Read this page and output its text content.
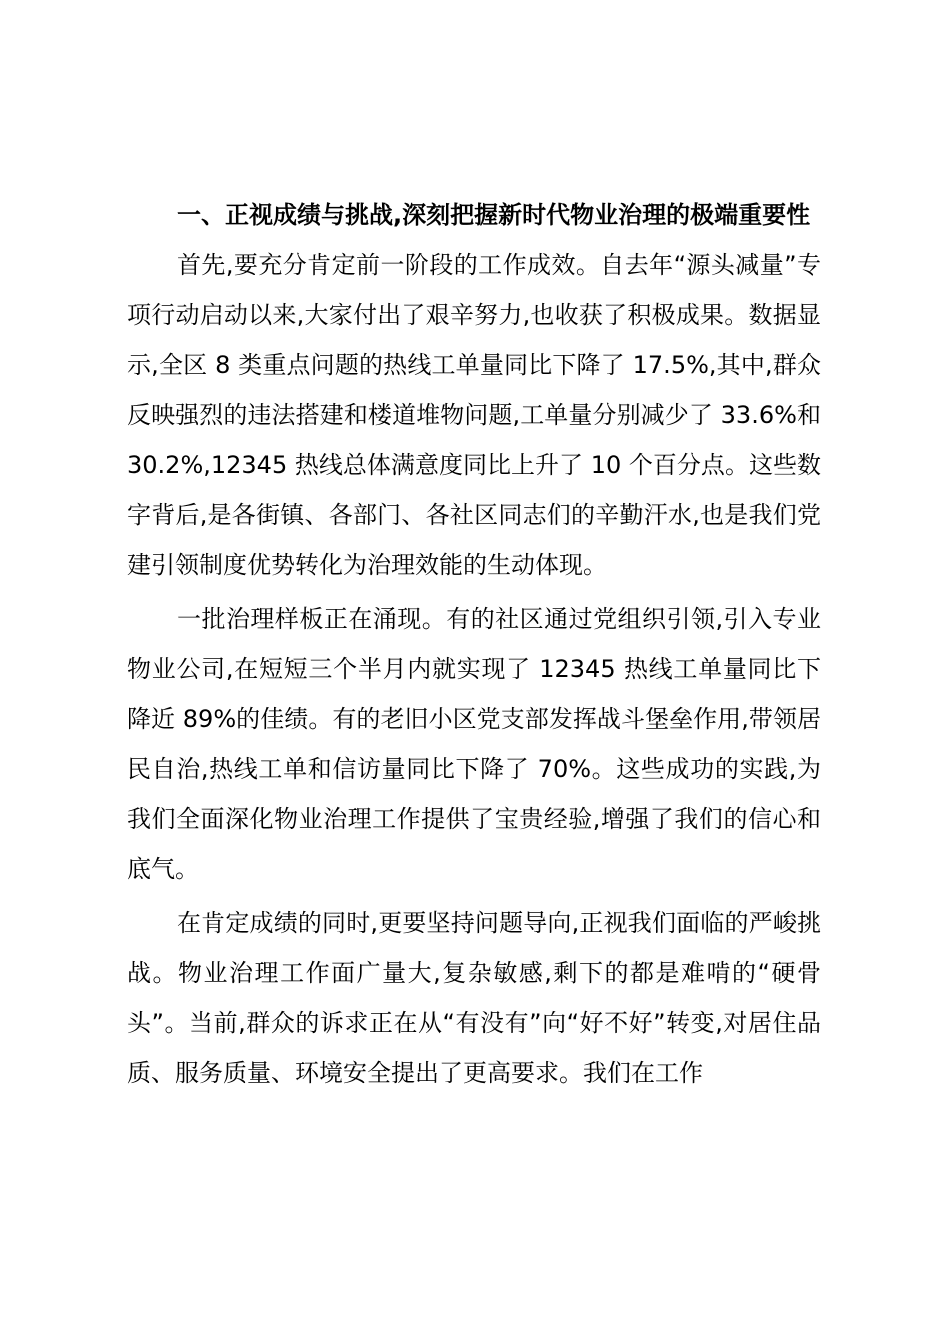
一、正视成绩与挑战,深刻把握新时代物业治理的极端重要性

首先,要充分肯定前一阶段的工作成效。自去年“源头减量”专项行动启动以来,大家付出了艰辛努力,也收获了积极成果。数据显示,全区 8 类重点问题的热线工单量同比下降了 17.5%,其中,群众反映强烈的违法搭建和楼道堆物问题,工单量分别减少了 33.6%和 30.2%,12345 热线总体满意度同比上升了 10 个百分点。这些数字背后,是各街镇、各部门、各社区同志们的辛勤汗水,也是我们党建引领制度优势转化为治理效能的生动体现。

一批治理样板正在涌现。有的社区通过党组织引领,引入专业物业公司,在短短三个半月内就实现了 12345 热线工单量同比下降近 89%的佳绩。有的老旧小区党支部发挥战斗堡垒作用,带领居民自治,热线工单和信访量同比下降了 70%。这些成功的实践,为我们全面深化物业治理工作提供了宝贵经验,增强了我们的信心和底气。

在肯定成绩的同时,更要坚持问题导向,正视我们面临的严峻挑战。物业治理工作面广量大,复杂敏感,剩下的都是难啃的“硬骨头”。当前,群众的诉求正在从“有没有”向“好不好”转变,对居住品质、服务质量、环境安全提出了更高要求。我们在工作
